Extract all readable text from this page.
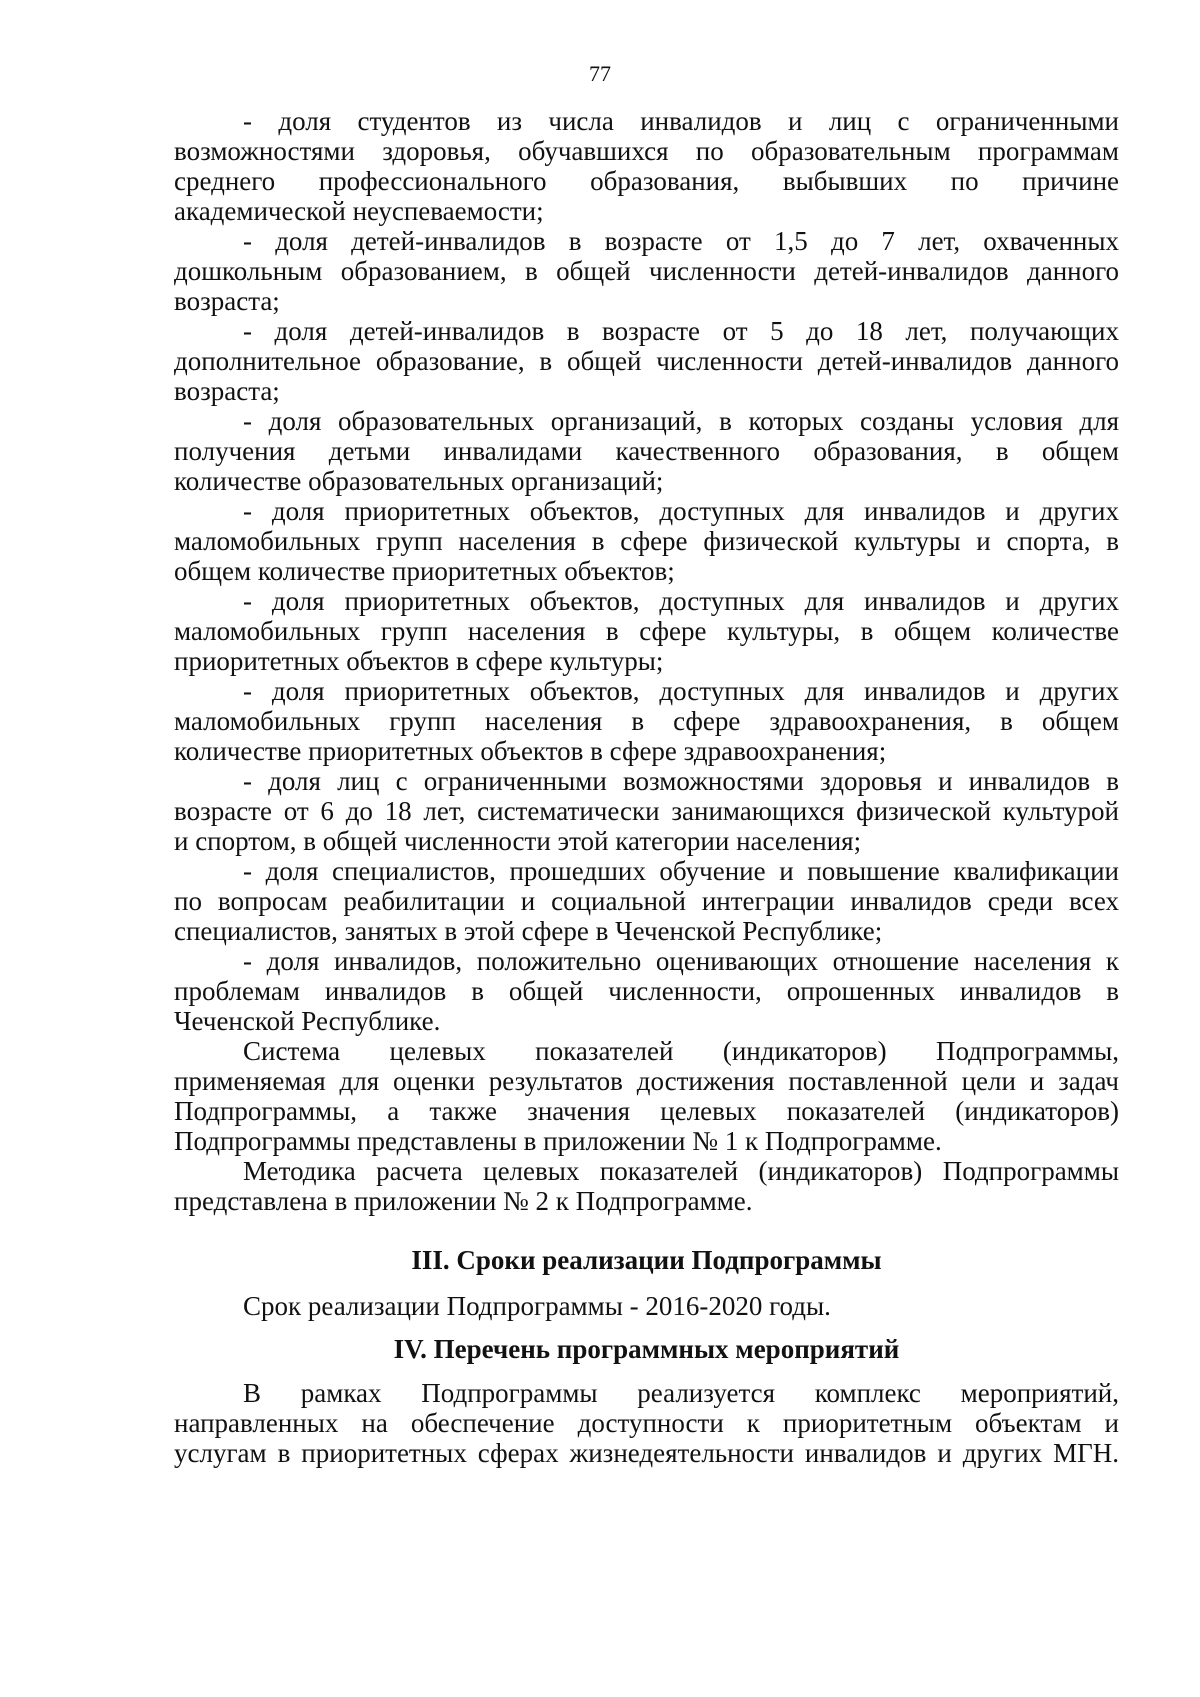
77
- доля студентов из числа инвалидов и лиц с ограниченными
возможностями здоровья, обучавшихся по образовательным программам
среднего профессионального образования, выбывших по причине
академической неуспеваемости;
- доля детей-инвалидов в возрасте от 1,5 до 7 лет, охваченных
дошкольным образованием, в общей численности детей-инвалидов данного
возраста;
- доля детей-инвалидов в возрасте от 5 до 18 лет, получающих
дополнительное образование, в общей численности детей-инвалидов данного
возраста;
- доля образовательных организаций, в которых созданы условия для
получения детьми инвалидами качественного образования, в общем
количестве образовательных организаций;
- доля приоритетных объектов, доступных для инвалидов и других
маломобильных групп населения в сфере физической культуры и спорта, в
общем количестве приоритетных объектов;
- доля приоритетных объектов, доступных для инвалидов и других
маломобильных групп населения в сфере культуры, в общем количестве
приоритетных объектов в сфере культуры;
- доля приоритетных объектов, доступных для инвалидов и других
маломобильных групп населения в сфере здравоохранения, в общем
количестве приоритетных объектов в сфере здравоохранения;
- доля лиц с ограниченными возможностями здоровья и инвалидов в
возрасте от 6 до 18 лет, систематически занимающихся физической культурой
и спортом, в общей численности этой категории населения;
- доля специалистов, прошедших обучение и повышение квалификации
по вопросам реабилитации и социальной интеграции инвалидов среди всех
специалистов, занятых в этой сфере в Чеченской Республике;
- доля инвалидов, положительно оценивающих отношение населения к
проблемам инвалидов в общей численности, опрошенных инвалидов в
Чеченской Республике.
Система целевых показателей (индикаторов) Подпрограммы,
применяемая для оценки результатов достижения поставленной цели и задач
Подпрограммы, а также значения целевых показателей (индикаторов)
Подпрограммы представлены в приложении № 1 к Подпрограмме.
Методика расчета целевых показателей (индикаторов) Подпрограммы
представлена в приложении № 2 к Подпрограмме.
III. Сроки реализации Подпрограммы
Срок реализации Подпрограммы - 2016-2020 годы.
IV. Перечень программных мероприятий
В рамках Подпрограммы реализуется комплекс мероприятий,
направленных на обеспечение доступности к приоритетным объектам и
услугам в приоритетных сферах жизнедеятельности инвалидов и других МГН.
